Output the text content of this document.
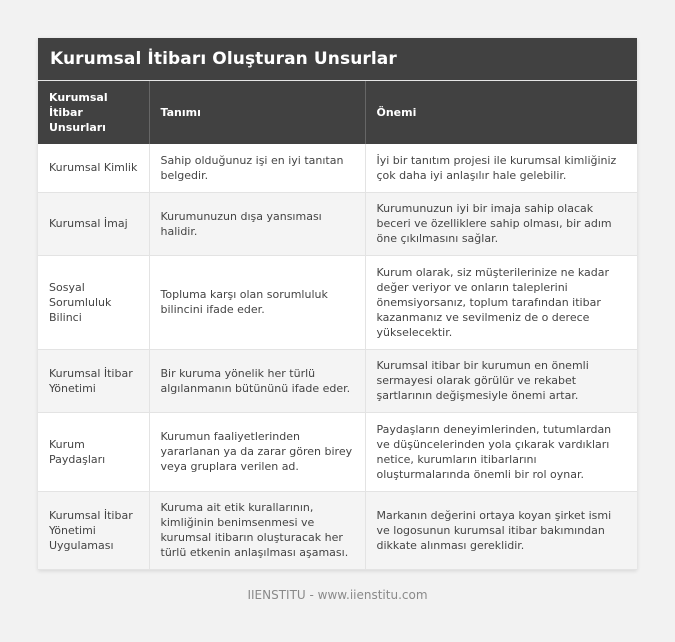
Kurumsal İtibarı Oluşturan Unsurlar
Kurumsal İtibar Unsurları	Tanımı	Önemi
Kurumsal Kimlik	Sahip olduğunuz işi en iyi tanıtan belgedir.	İyi bir tanıtım projesi ile kurumsal kimliğiniz çok daha iyi anlaşılır hale gelebilir.
Kurumsal İmaj	Kurumunuzun dışa yansıması halidir.	Kurumunuzun iyi bir imaja sahip olacak beceri ve özelliklere sahip olması, bir adım öne çıkılmasını sağlar.
Sosyal Sorumluluk Bilinci	Topluma karşı olan sorumluluk bilincini ifade eder.	Kurum olarak, siz müşterilerinize ne kadar değer veriyor ve onların taleplerini önemsiyorsanız, toplum tarafından itibar kazanmanız ve sevilmeniz de o derece yükselecektir.
Kurumsal İtibar Yönetimi	Bir kuruma yönelik her türlü algılanmanın bütününü ifade eder.	Kurumsal itibar bir kurumun en önemli sermayesi olarak görülür ve rekabet şartlarının değişmesiyle önemi artar.
Kurum Paydaşları	Kurumun faaliyetlerinden yararlanan ya da zarar gören birey veya gruplara verilen ad.	Paydaşların deneyimlerinden, tutumlardan ve düşüncelerinden yola çıkarak vardıkları netice, kurumların itibarlarını oluşturmalarında önemli bir rol oynar.
Kurumsal İtibar Yönetimi Uygulaması	Kuruma ait etik kurallarının, kimliğinin benimsenmesi ve kurumsal itibarın oluşturacak her türlü etkenin anlaşılması aşaması.	Markanın değerini ortaya koyan şirket ismi ve logosunun kurumsal itibar bakımından dikkate alınması gereklidir.
IIENSTITU - www.iienstitu.com
